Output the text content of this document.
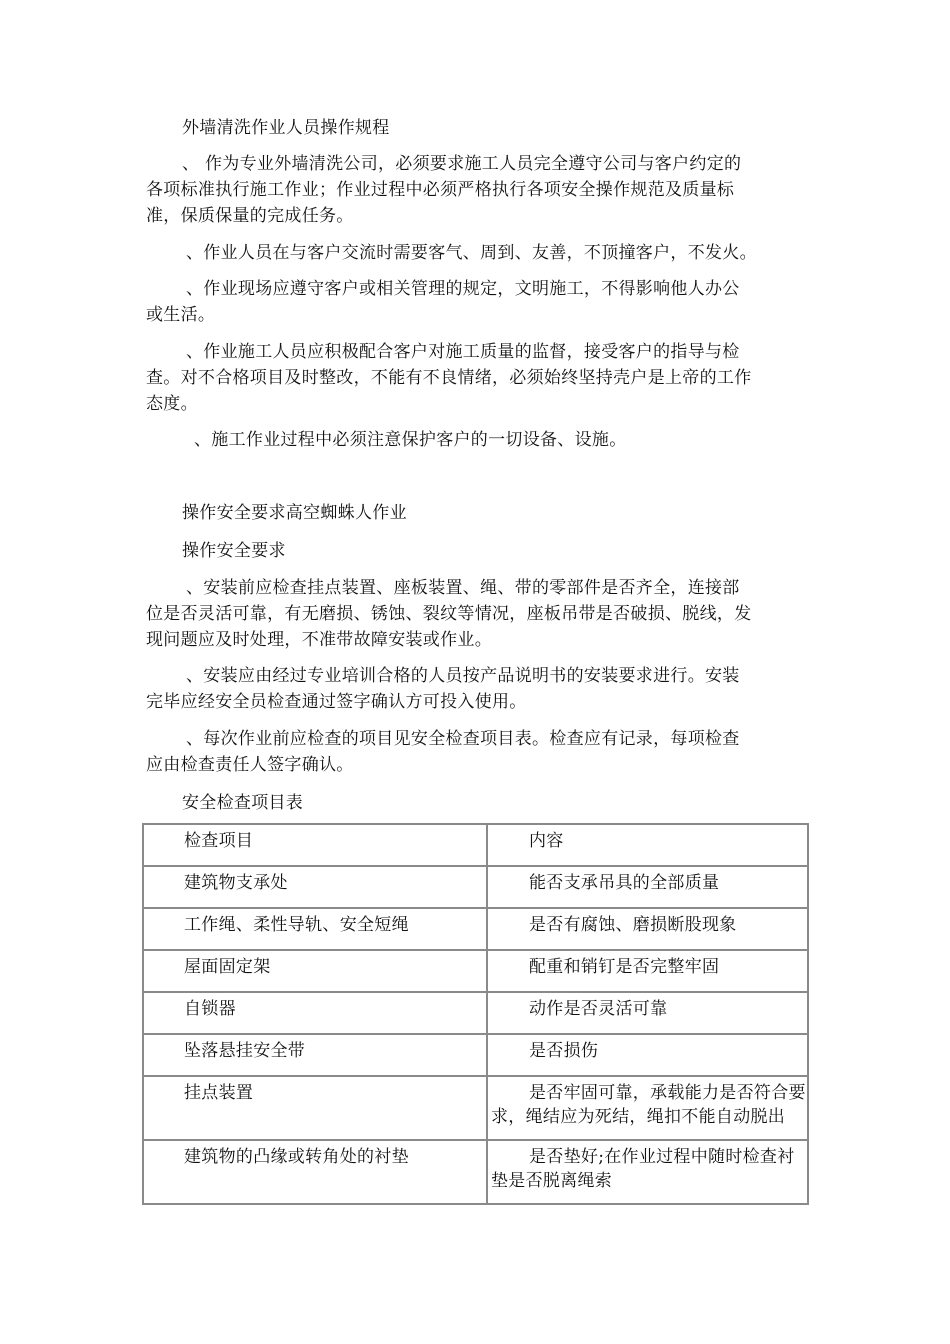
外墙清洗作业人员操作规程
、 作为专业外墙清洗公司，必须要求施工人员完全遵守公司与客户约定的
各项标准执行施工作业；作业过程中必须严格执行各项安全操作规范及质量标
准，保质保量的完成任务。
、作业人员在与客户交流时需要客气、周到、友善，不顶撞客户，不发火。
、作业现场应遵守客户或相关管理的规定，文明施工，不得影响他人办公
或生活。
、作业施工人员应积极配合客户对施工质量的监督，接受客户的指导与检
查。对不合格项目及时整改，不能有不良情绪，必须始终坚持壳户是上帝的工作
态度。
、施工作业过程中必须注意保护客户的一切设备、设施。
操作安全要求高空蜘蛛人作业
操作安全要求
、安装前应检查挂点装置、座板装置、绳、带的零部件是否齐全，连接部
位是否灵活可靠，有无磨损、锈蚀、裂纹等情况，座板吊带是否破损、脱线，发
现问题应及时处理，不准带故障安装或作业。
、安装应由经过专业培训合格的人员按产品说明书的安装要求进行。安装
完毕应经安全员检查通过签字确认方可投入使用。
、每次作业前应检查的项目见安全检查项目表。检查应有记录，每项检查
应由检查责任人签字确认。
安全检查项目表
检查项目	内容
建筑物支承处	能否支承吊具的全部质量
工作绳、柔性导轨、安全短绳	是否有腐蚀、磨损断股现象
屋面固定架	配重和销钉是否完整牢固
自锁器	动作是否灵活可靠
坠落悬挂安全带	是否损伤
挂点装置	是否牢固可靠，承载能力是否符合要求，绳结应为死结，绳扣不能自动脱出
建筑物的凸缘或转角处的衬垫	是否垫好;在作业过程中随时检查衬垫是否脱离绳索
